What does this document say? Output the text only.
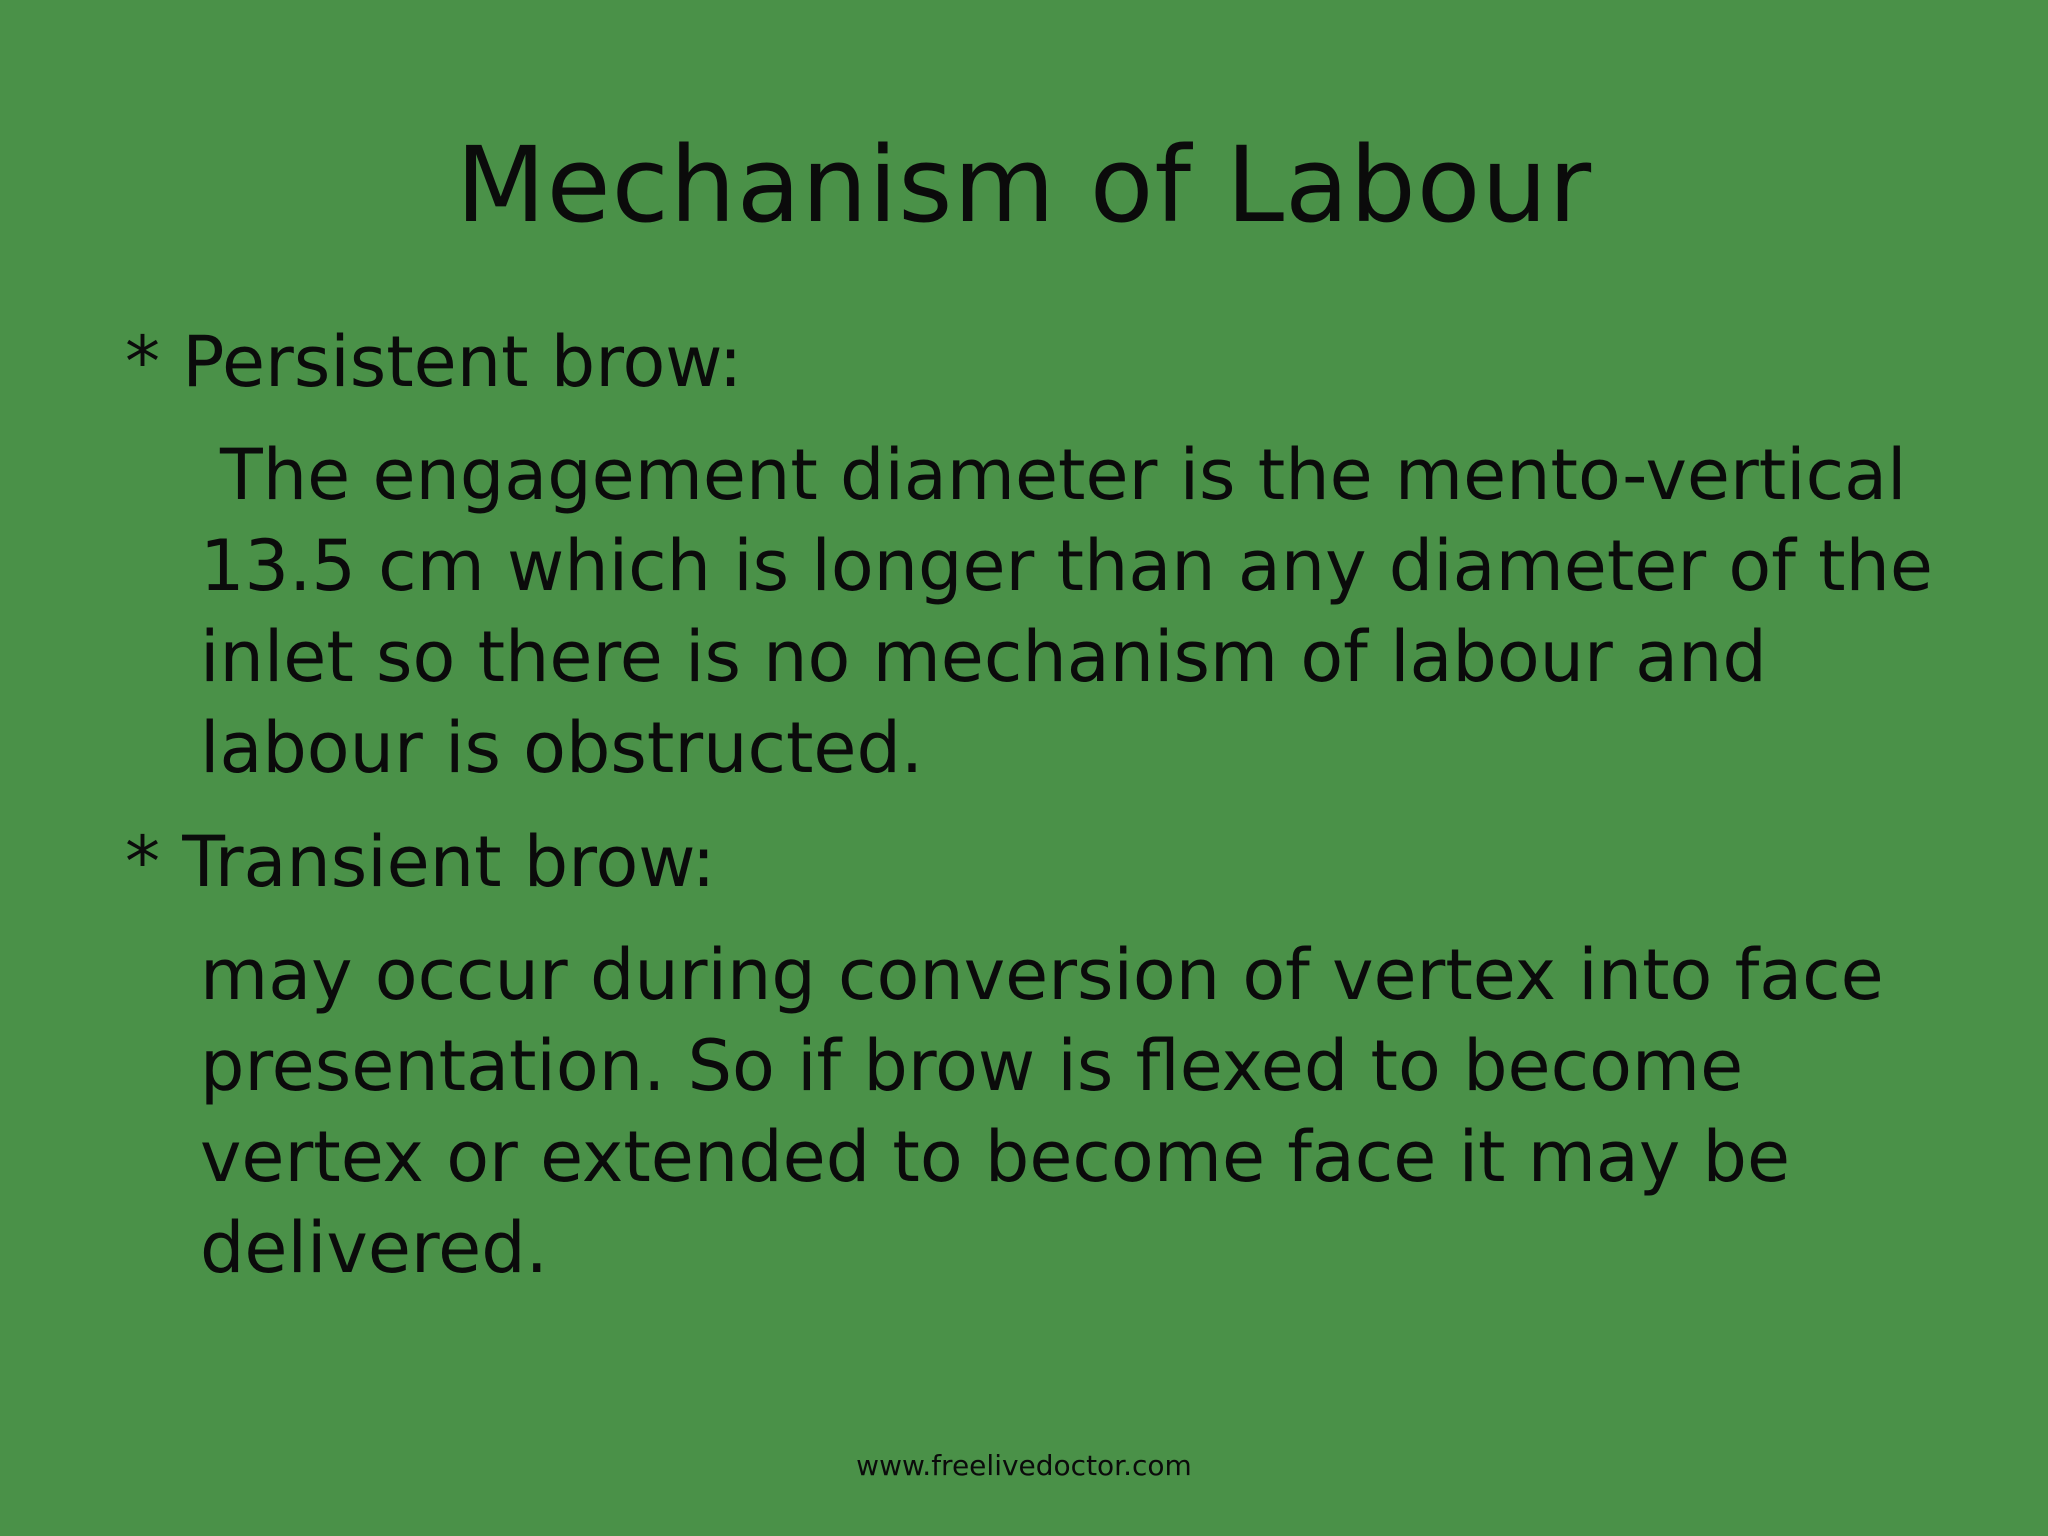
Mechanism of Labour
* Persistent brow:
The engagement diameter is the mento-vertical
13.5 cm which is longer than any diameter of the
inlet so there is no mechanism of labour and
labour is obstructed.
* Transient brow:
may occur during conversion of vertex into face
presentation. So if brow is flexed to become
vertex or extended to become face it may be
delivered.
www.freelivedoctor.com
